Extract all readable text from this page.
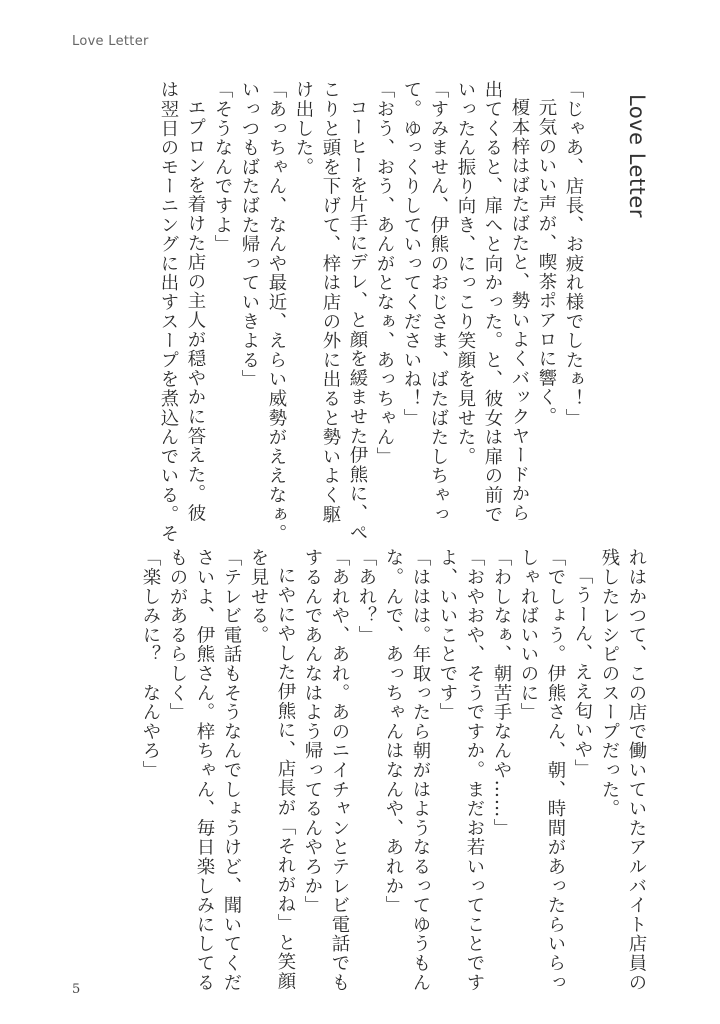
Love Letter

Love Letter

「じゃあ、店長、お疲れ様でしたぁ！」

元気のいい声が、喫茶ポアロに響く。

榎本梓はばたばたと、勢いよくバックヤードから

出てくると、扉へと向かった。と、彼女は扉の前で

いったん振り向き、にっこり笑顔を見せた。

「すみません、伊熊のおじさま、ばたばたしちゃっ

て。ゆっくりしていってくださいね！」

「おう、おう、あんがとなぁ、あっちゃん」

コーヒーを片手にデレ、と顔を緩ませた伊熊に、ぺ

こりと頭を下げて、梓は店の外に出ると勢いよく駆

け出した。

「あっちゃん、なんや最近、えらい威勢がええなぁ。

いっつもばたばた帰っていきよる」

「そうなんですよ」

エプロンを着けた店の主人が穏やかに答えた。彼

は翌日のモーニングに出すスープを煮込んでいる。そ

れはかつて、この店で働いていたアルバイト店員の

残したレシピのスープだった。

「うーん、ええ匂いや」

「でしょう。伊熊さん、朝、時間があったらいらっ

しゃればいいのに」

「わしなぁ、朝苦手なんや……」

「おやおや、そうですか。まだお若いってことです

よ、いいことです」

「ははは。年取ったら朝がはようなるってゆうもん

な。んで、あっちゃんはなんや、あれか」

「あれ？」

「あれや、あれ。あのニイチャンとテレビ電話でも

するんであんなはよう帰ってるんやろか」

にやにやした伊熊に、店長が「それがね」と笑顔

を見せる。

「テレビ電話もそうなんでしょうけど、聞いてくだ

さいよ、伊熊さん。梓ちゃん、毎日楽しみにしてる

ものがあるらしく」

「楽しみに？　なんやろ」

5
